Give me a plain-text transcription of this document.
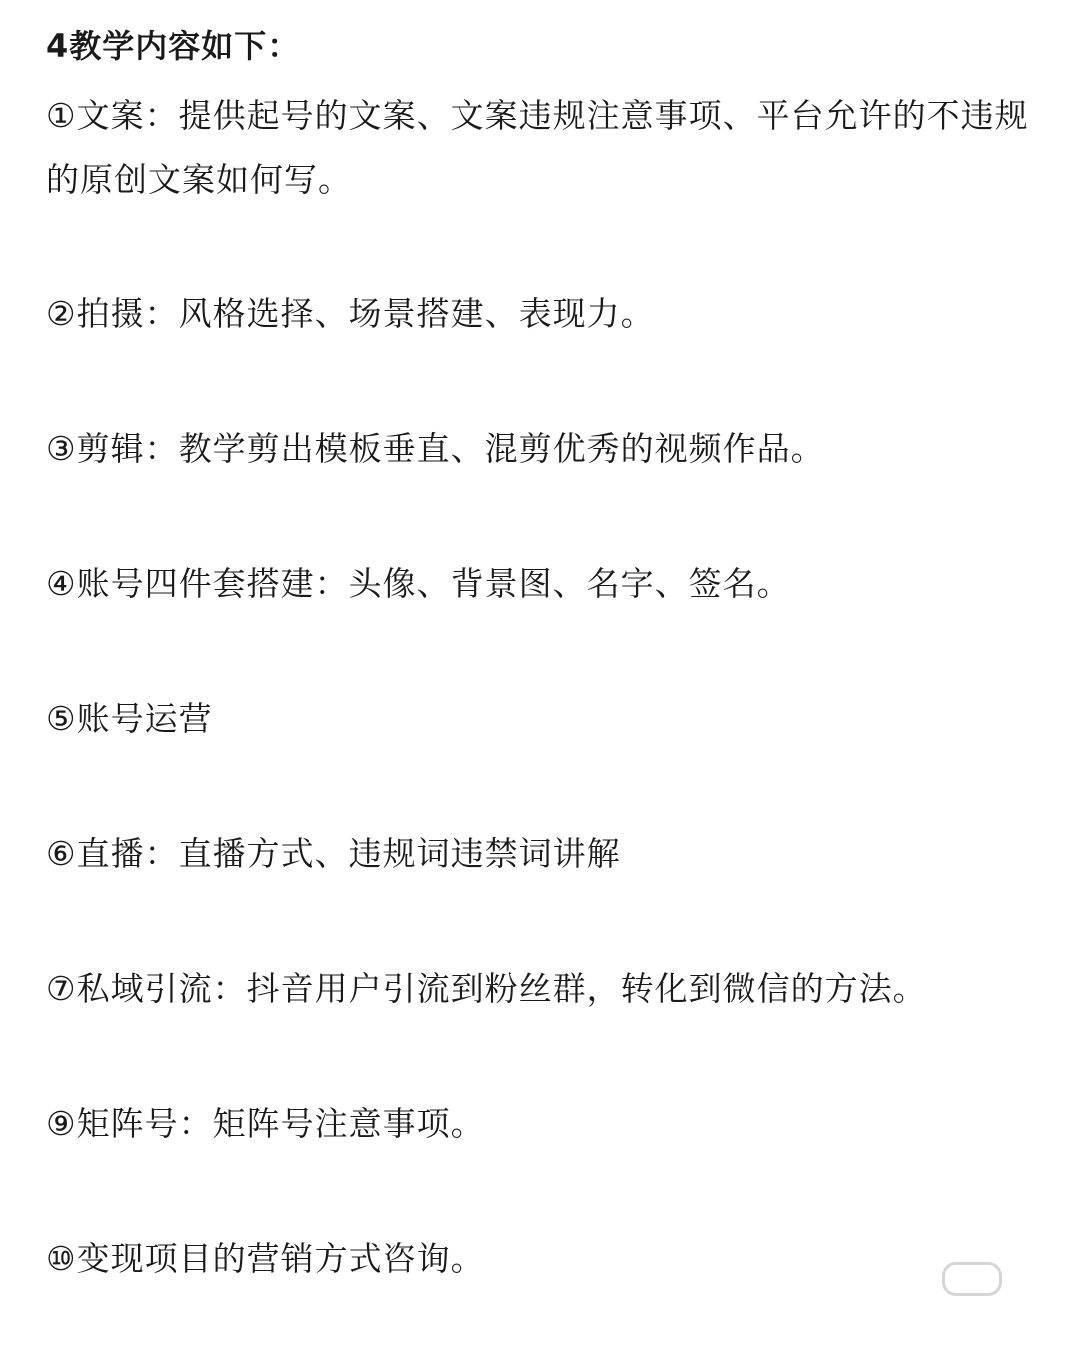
4教学内容如下：
①文案：提供起号的文案、文案违规注意事项、平台允许的不违规的原创文案如何写。
②拍摄：风格选择、场景搭建、表现力。
③剪辑：教学剪出模板垂直、混剪优秀的视频作品。
④账号四件套搭建：头像、背景图、名字、签名。
⑤账号运营
⑥直播：直播方式、违规词违禁词讲解
⑦私域引流：抖音用户引流到粉丝群，转化到微信的方法。
⑨矩阵号：矩阵号注意事项。
⑩变现项目的营销方式咨询。
